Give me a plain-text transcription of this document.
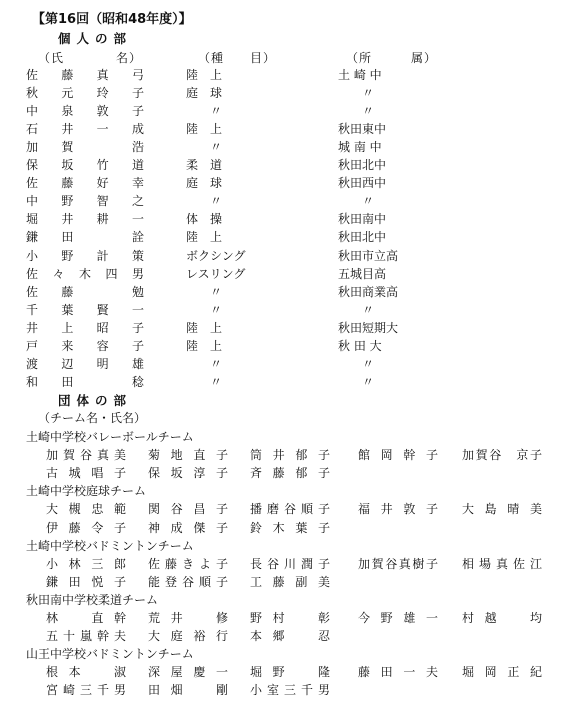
【第16回（昭和48年度）】
個人の部
（氏　　　　名）	（種　　目）	（所　　　属）
佐藤真弓	陸　上	土 崎 中
秋元玲子	庭　球	〃
中泉敦子	〃	〃
石井一成	陸　上	秋田東中
加賀　浩	〃	城 南 中
保坂竹道	柔　道	秋田北中
佐藤好幸	庭　球	秋田西中
中野智之	〃	〃
堀井耕一	体　操	秋田南中
鎌田　詮	陸　上	秋田北中
小野計策	ボクシング	秋田市立高
佐々木四男	レスリング	五城目高
佐藤　勉	〃	秋田商業高
千葉賢一	〃	〃
井上昭子	陸　上	秋田短期大
戸来容子	陸　上	秋 田 大
渡辺明雄	〃	〃
和田　稔	〃	〃
団体の部
（チーム名・氏名）
土崎中学校バレーボールチーム
加賀谷真美 菊地直子 筒井郁子 館岡幹子 加賀谷　京子
古城唱子 保坂淳子 斉藤郁子
土崎中学校庭球チーム
大槻忠範 関谷昌子 播磨谷順子 福井敦子 大島晴美
伊藤令子 神成傑子 鈴木葉子
土崎中学校バドミントンチーム
小林三郎 佐藤きよ子 長谷川潤子 加賀谷真樹子 相場真佐江
鎌田悦子 能登谷順子 工藤副美
秋田南中学校柔道チーム
林　直幹 荒井　修 野村　彰 今野雄一 村越　均
五十嵐幹夫 大庭裕行 本郷　忍
山王中学校バドミントンチーム
根本　淑 深屋慶一 堀野　隆 藤田一夫 堀岡正紀
宮崎三千男 田畑　剛 小室三千男
